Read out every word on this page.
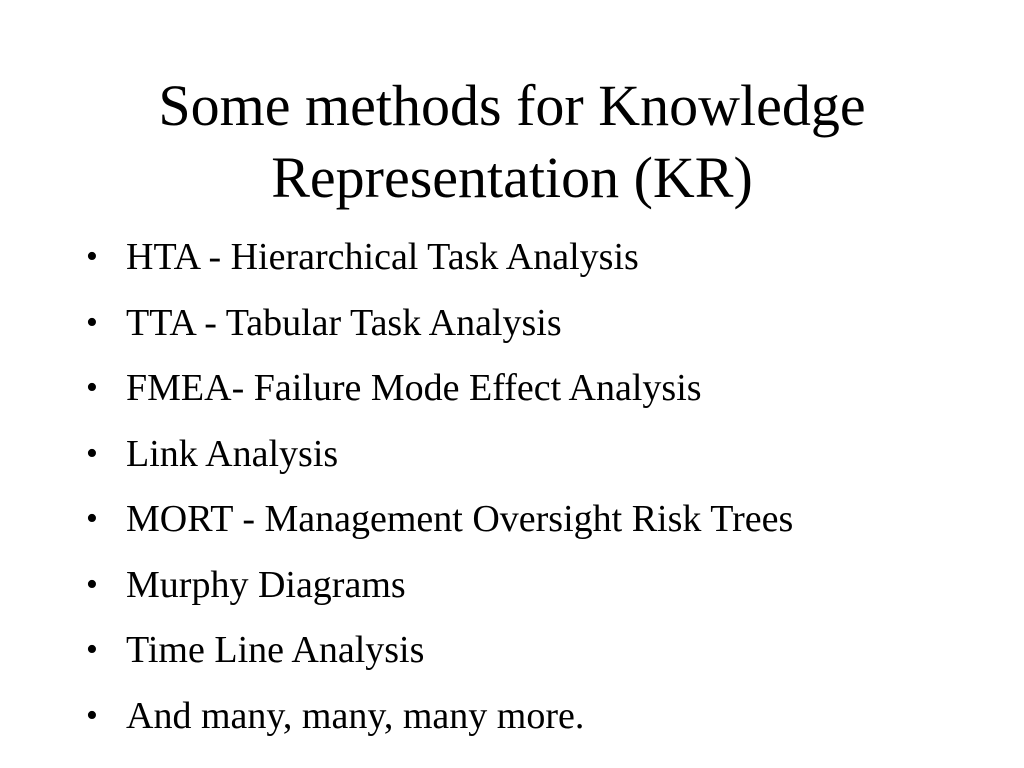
Some methods for Knowledge
Representation (KR)
• HTA - Hierarchical Task Analysis
• TTA - Tabular Task Analysis
• FMEA- Failure Mode Effect Analysis
• Link Analysis
• MORT - Management Oversight Risk Trees
• Murphy Diagrams
• Time Line Analysis
• And many, many, many more.
